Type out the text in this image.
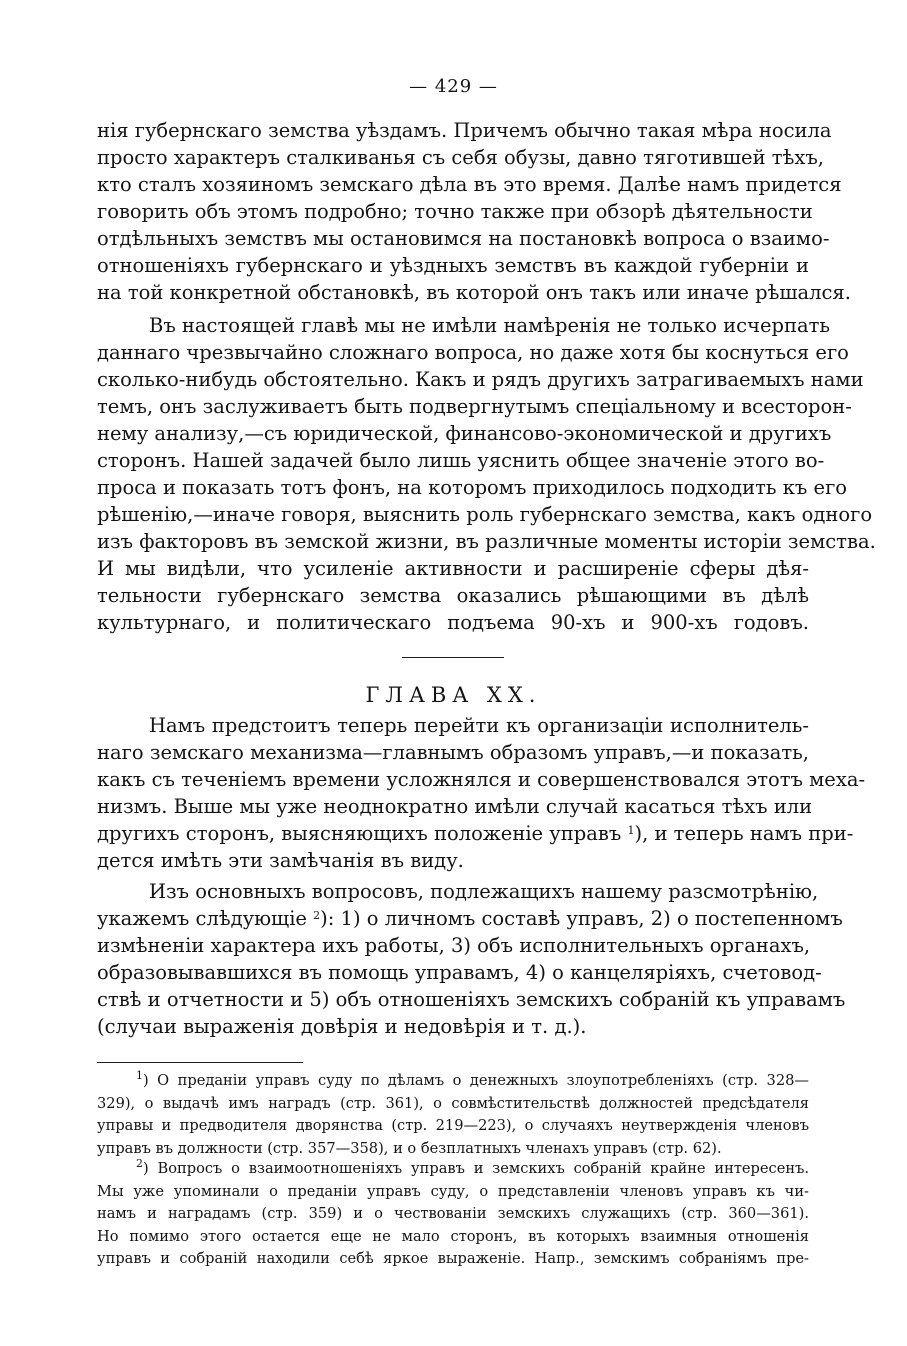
— 429 —
нія губернскаго земства уѣздамъ. Причемъ обычно такая мѣра носила
просто характеръ сталкиванья съ себя обузы, давно тяготившей тѣхъ,
кто сталъ хозяиномъ земскаго дѣла въ это время. Далѣе намъ придется
говорить объ этомъ подробно; точно также при обзорѣ дѣятельности
отдѣльныхъ земствъ мы остановимся на постановкѣ вопроса о взаимо-
отношеніяхъ губернскаго и уѣздныхъ земствъ въ каждой губерніи и
на той конкретной обстановкѣ, въ которой онъ такъ или иначе рѣшался.
Въ настоящей главѣ мы не имѣли намѣренія не только исчерпать
даннаго чрезвычайно сложнаго вопроса, но даже хотя бы коснуться его
сколько-нибудь обстоятельно. Какъ и рядъ другихъ затрагиваемыхъ нами
темъ, онъ заслуживаетъ быть подвергнутымъ спеціальному и всесторон-
нему анализу,—съ юридической, финансово-экономической и другихъ
сторонъ. Нашей задачей было лишь уяснить общее значеніе этого во-
проса и показать тотъ фонъ, на которомъ приходилось подходить къ его
рѣшенію,—иначе говоря, выяснить роль губернскаго земства, какъ одного
изъ факторовъ въ земской жизни, въ различные моменты исторіи земства.
И мы видѣли, что усиленіе активности и расширеніе сферы дѣя-
тельности губернскаго земства оказались рѣшающими въ дѣлѣ
культурнаго, и политическаго подъема 90-хъ и 900-хъ годовъ.
ГЛАВА XX.
Намъ предстоитъ теперь перейти къ организаціи исполнитель-
наго земскаго механизма—главнымъ образомъ управъ,—и показать,
какъ съ теченіемъ времени усложнялся и совершенствовался этотъ меха-
низмъ. Выше мы уже неоднократно имѣли случай касаться тѣхъ или
другихъ сторонъ, выясняющихъ положеніе управъ $^1$), и теперь намъ при-
дется имѣть эти замѣчанія въ виду.
Изъ основныхъ вопросовъ, подлежащихъ нашему разсмотрѣнію,
укажемъ слѣдующіе $^2$): 1) о личномъ составѣ управъ, 2) о постепенномъ
измѣненіи характера ихъ работы, 3) объ исполнительныхъ органахъ,
образовывавшихся въ помощь управамъ, 4) о канцеляріяхъ, счетовод-
ствѣ и отчетности и 5) объ отношеніяхъ земскихъ собраній къ управамъ
(случаи выраженія довѣрія и недовѣрія и т. д.).
$^1$) О преданіи управъ суду по дѣламъ о денежныхъ злоупотребленіяхъ (стр. 328—
329), о выдачѣ имъ наградъ (стр. 361), о совмѣстительствѣ должностей предсѣдателя
управы и предводителя дворянства (стр. 219—223), о случаяхъ неутвержденія членовъ
управъ въ должности (стр. 357—358), и о безплатныхъ членахъ управъ (стр. 62).
$^2$) Вопросъ о взаимоотношеніяхъ управъ и земскихъ собраній крайне интересенъ.
Мы уже упоминали о преданіи управъ суду, о представленіи членовъ управъ къ чи-
намъ и наградамъ (стр. 359) и о чествованіи земскихъ служащихъ (стр. 360—361).
Но помимо этого остается еще не мало сторонъ, въ которыхъ взаимныя отношенія
управъ и собраній находили себѣ яркое выраженіе. Напр., земскимъ собраніямъ пре-
